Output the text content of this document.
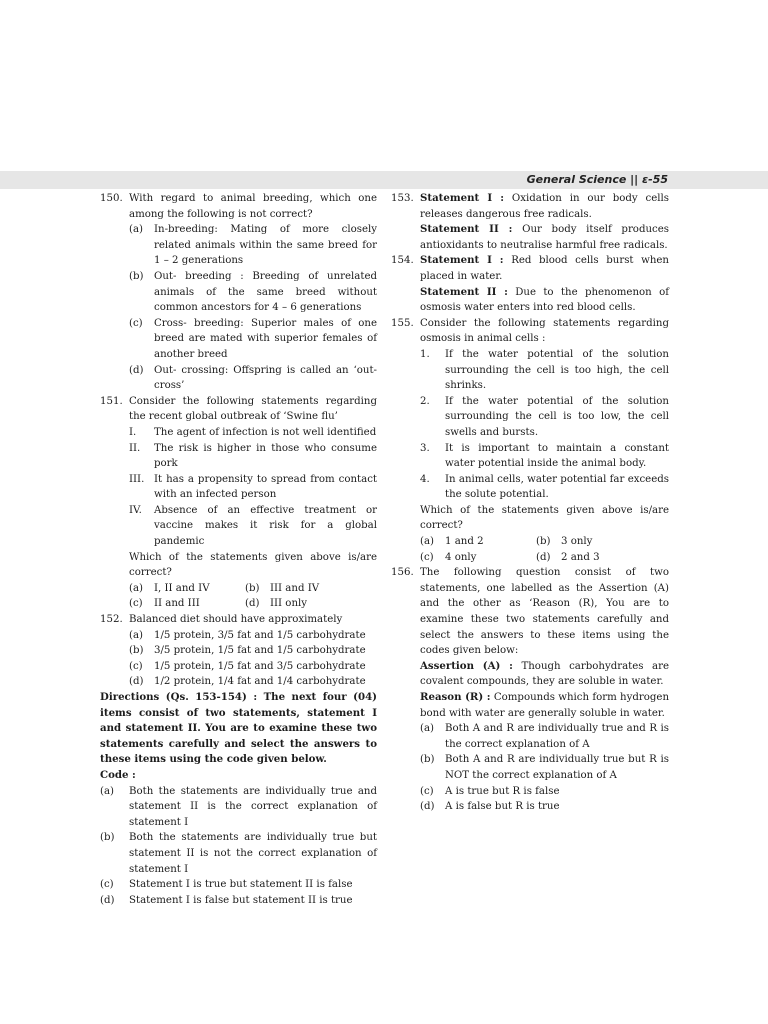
General Science || ε-55
150. With regard to animal breeding, which one among the following is not correct?
(a) In-breeding: Mating of more closely related animals within the same breed for 1 – 2 generations
(b) Out- breeding : Breeding of unrelated animals of the same breed without common ancestors for 4 – 6 generations
(c) Cross- breeding: Superior males of one breed are mated with superior females of another breed
(d) Out- crossing: Offspring is called an ‘out-cross’
151. Consider the following statements regarding the recent global outbreak of ‘Swine flu’
I. The agent of infection is not well identified
II. The risk is higher in those who consume pork
III. It has a propensity to spread from contact with an infected person
IV. Absence of an effective treatment or vaccine makes it risk for a global pandemic
Which of the statements given above is/are correct?
(a) I, II and IV	(b) III and IV
(c) II and III	(d) III only
152. Balanced diet should have approximately
(a) 1/5 protein, 3/5 fat and 1/5 carbohydrate
(b) 3/5 protein, 1/5 fat and 1/5 carbohydrate
(c) 1/5 protein, 1/5 fat and 3/5 carbohydrate
(d) 1/2 protein, 1/4 fat and 1/4 carbohydrate
Directions (Qs. 153-154) : The next four (04) items consist of two statements, statement I and statement II. You are to examine these two statements carefully and select the answers to these items using the code given below.
Code :
(a) Both the statements are individually true and statement II is the correct explanation of statement I
(b) Both the statements are individually true but statement II is not the correct explanation of statement I
(c) Statement I is true but statement II is false
(d) Statement I is false but statement II is true
153. Statement I : Oxidation in our body cells releases dangerous free radicals.
Statement II : Our body itself produces antioxidants to neutralise harmful free radicals.
154. Statement I : Red blood cells burst when placed in water.
Statement II : Due to the phenomenon of osmosis water enters into red blood cells.
155. Consider the following statements regarding osmosis in animal cells :
1. If the water potential of the solution surrounding the cell is too high, the cell shrinks.
2. If the water potential of the solution surrounding the cell is too low, the cell swells and bursts.
3. It is important to maintain a constant water potential inside the animal body.
4. In animal cells, water potential far exceeds the solute potential.
Which of the statements given above is/are correct?
(a) 1 and 2	(b) 3 only
(c) 4 only	(d) 2 and 3
156. The following question consist of two statements, one labelled as the Assertion (A) and the other as ‘Reason (R), You are to examine these two statements carefully and select the answers to these items using the codes given below:
Assertion (A) : Though carbohydrates are covalent compounds, they are soluble in water.
Reason (R) : Compounds which form hydrogen bond with water are generally soluble in water.
(a) Both A and R are individually true and R is the correct explanation of A
(b) Both A and R are individually true but R is NOT the correct explanation of A
(c) A is true but R is false
(d) A is false but R is true
